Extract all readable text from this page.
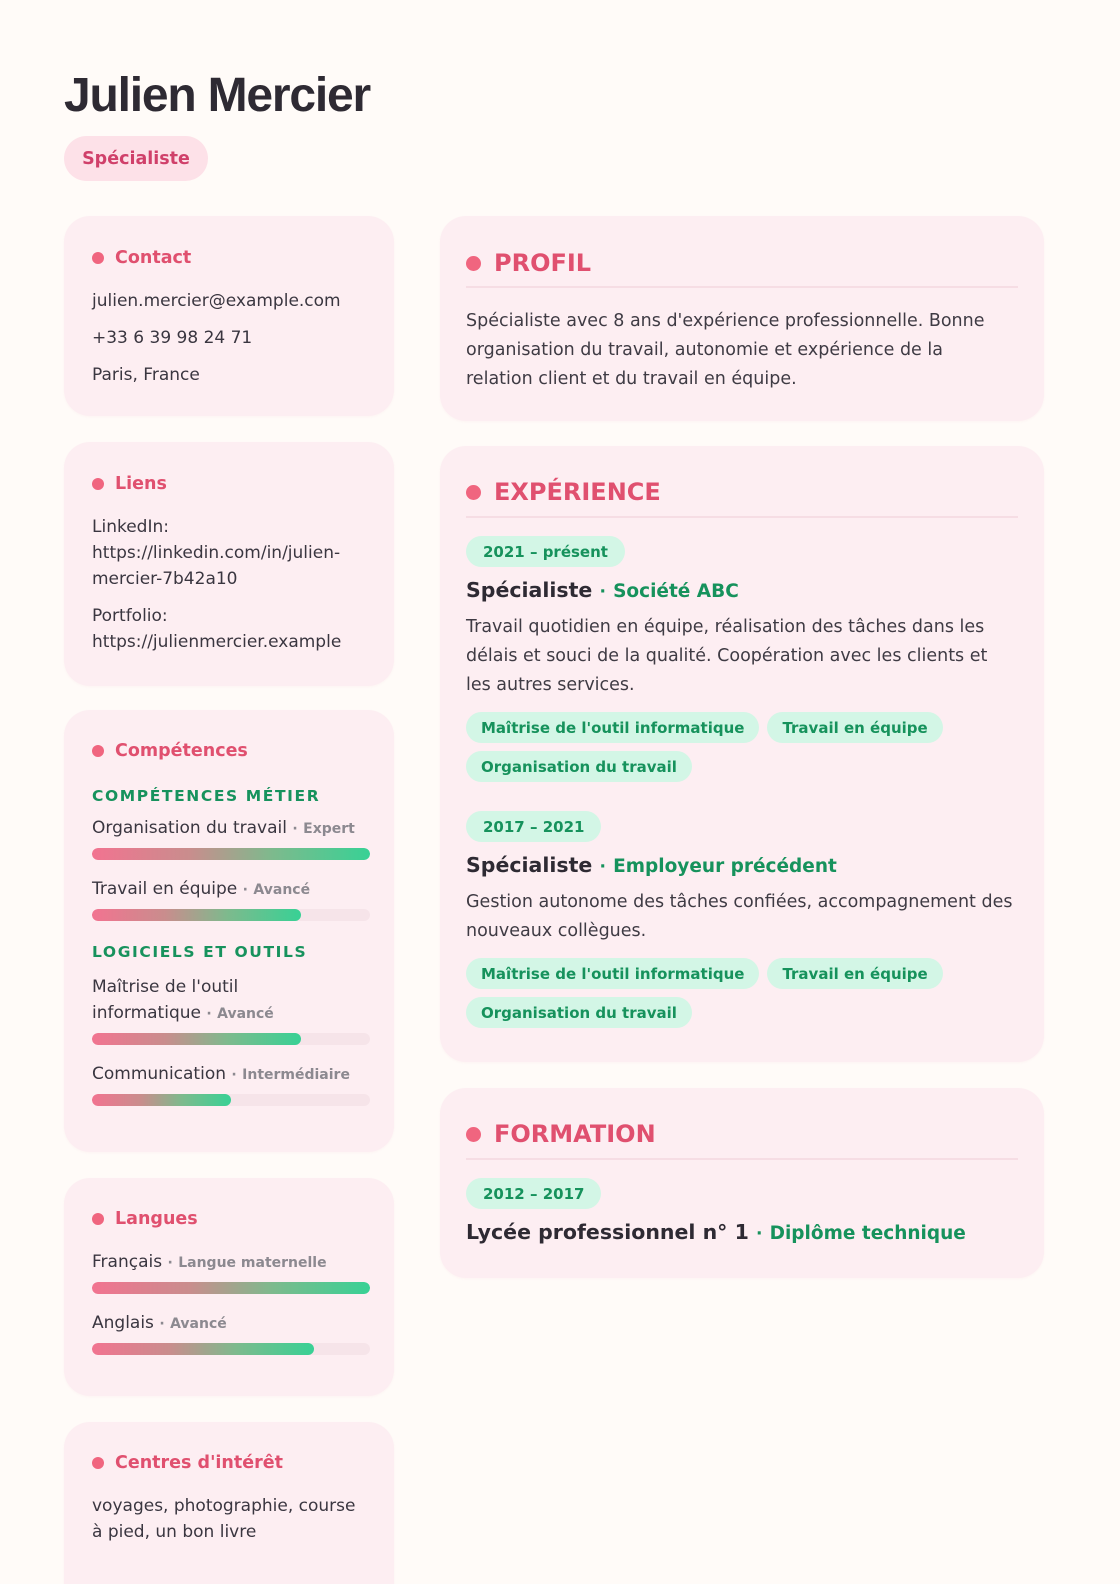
Julien Mercier
Spécialiste
Contact
julien.mercier@example.com
+33 6 39 98 24 71
Paris, France
Liens
LinkedIn:
https://linkedin.com/in/julien-
mercier-7b42a10
Portfolio:
https://julienmercier.example
Compétences
COMPÉTENCES MÉTIER
Organisation du travail · Expert
Travail en équipe · Avancé
LOGICIELS ET OUTILS
Maîtrise de l'outil
informatique · Avancé
Communication · Intermédiaire
Langues
Français · Langue maternelle
Anglais · Avancé
Centres d'intérêt
voyages, photographie, course à pied, un bon livre
PROFIL
Spécialiste avec 8 ans d'expérience professionnelle. Bonne organisation du travail, autonomie et expérience de la relation client et du travail en équipe.
EXPÉRIENCE
2021 – présent
Spécialiste · Société ABC
Travail quotidien en équipe, réalisation des tâches dans les délais et souci de la qualité. Coopération avec les clients et les autres services.
Maîtrise de l'outil informatique	Travail en équipe
Organisation du travail
2017 – 2021
Spécialiste · Employeur précédent
Gestion autonome des tâches confiées, accompagnement des nouveaux collègues.
Maîtrise de l'outil informatique	Travail en équipe
Organisation du travail
FORMATION
2012 – 2017
Lycée professionnel n° 1 · Diplôme technique
